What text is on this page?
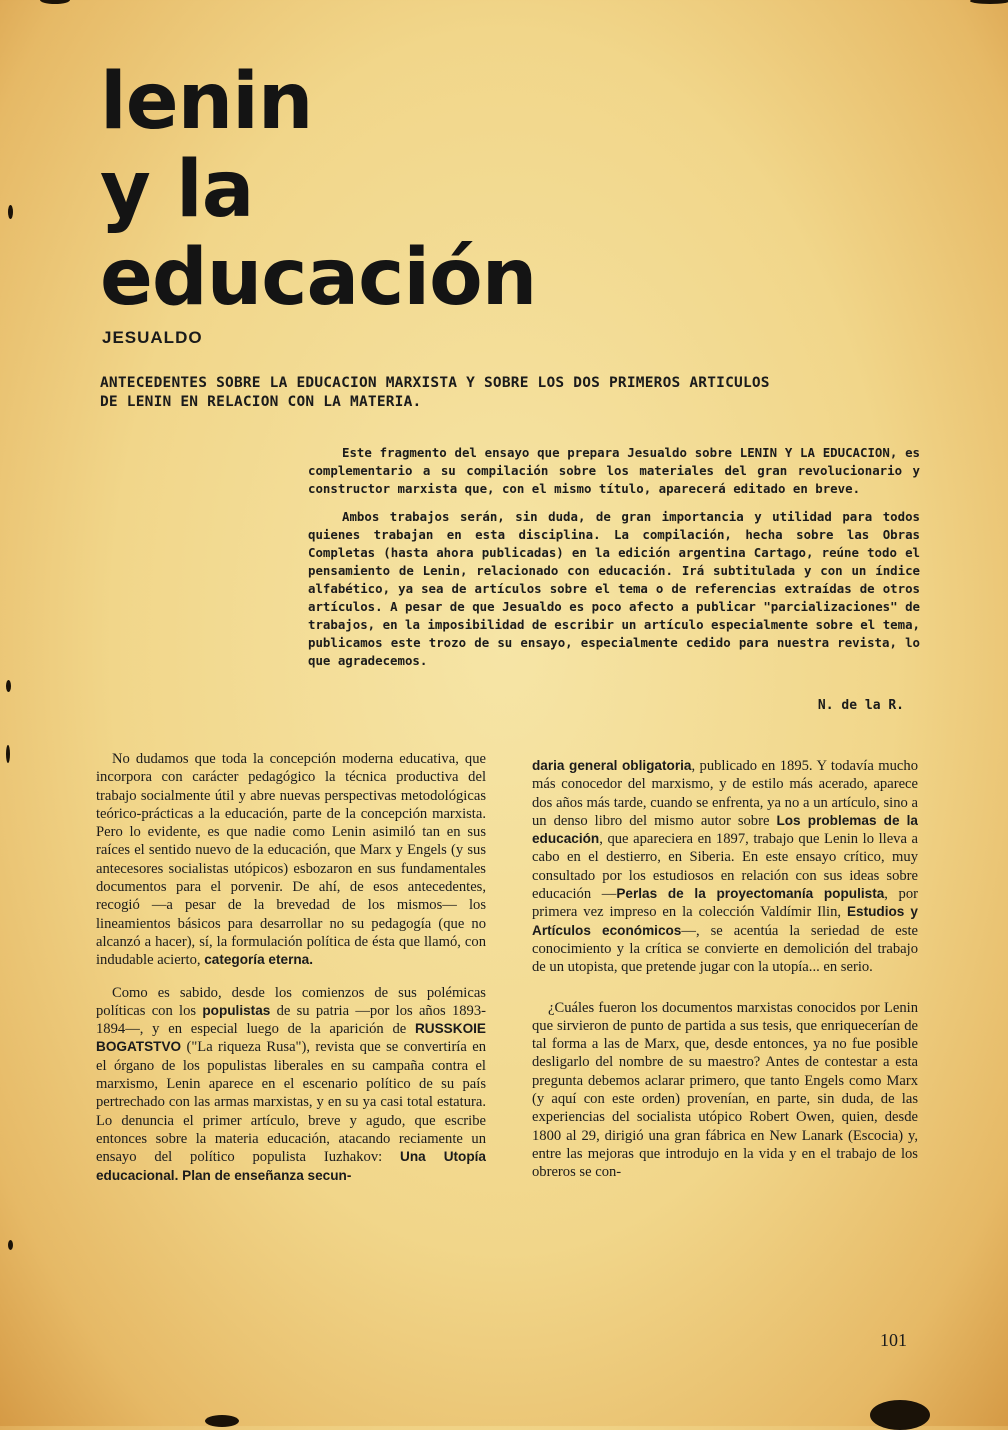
lenin
y la
educación
JESUALDO
ANTECEDENTES SOBRE LA EDUCACION MARXISTA Y SOBRE LOS DOS PRIMEROS ARTICULOS DE LENIN EN RELACION CON LA MATERIA.

Este fragmento del ensayo que prepara Jesualdo sobre LENIN Y LA EDUCACION, es complementario a su compilación sobre los materiales del gran revolucionario y constructor marxista que, con el mismo título, aparecerá editado en breve.

Ambos trabajos serán, sin duda, de gran importancia y utilidad para todos quienes trabajan en esta disciplina. La compilación, hecha sobre las Obras Completas (hasta ahora publicadas) en la edición argentina Cartago, reúne todo el pensamiento de Lenin, relacionado con educación. Irá subtitulada y con un índice alfabético, ya sea de artículos sobre el tema o de referencias extraídas de otros artículos. A pesar de que Jesualdo es poco afecto a publicar "parcializaciones" de trabajos, en la imposibilidad de escribir un artículo especialmente sobre el tema, publicamos este trozo de su ensayo, especialmente cedido para nuestra revista, lo que agradecemos.

N. de la R.

No dudamos que toda la concepción moderna educativa, que incorpora con carácter pedagógico la técnica productiva del trabajo socialmente útil y abre nuevas perspectivas metodológicas teórico-prácticas a la educación, parte de la concepción marxista. Pero lo evidente, es que nadie como Lenin asimiló tan en sus raíces el sentido nuevo de la educación, que Marx y Engels (y sus antecesores socialistas utópicos) esbozaron en sus fundamentales documentos para el porvenir. De ahí, de esos antecedentes, recogió —a pesar de la brevedad de los mismos— los lineamientos básicos para desarrollar no su pedagogía (que no alcanzó a hacer), sí, la formulación política de ésta que llamó, con indudable acierto, categoría eterna.

Como es sabido, desde los comienzos de sus polémicas políticas con los populistas de su patria —por los años 1893-1894—, y en especial luego de la aparición de RUSSKOIE BOGATSTVO ("La riqueza Rusa"), revista que se convertiría en el órgano de los populistas liberales en su campaña contra el marxismo, Lenin aparece en el escenario político de su país pertrechado con las armas marxistas, y en su ya casi total estatura. Lo denuncia el primer artículo, breve y agudo, que escribe entonces sobre la materia educación, atacando reciamente un ensayo del político populista Iuzhakov: Una Utopía educacional. Plan de enseñanza secun-

daria general obligatoria, publicado en 1895. Y todavía mucho más conocedor del marxismo, y de estilo más acerado, aparece dos años más tarde, cuando se enfrenta, ya no a un artículo, sino a un denso libro del mismo autor sobre Los problemas de la educación, que apareciera en 1897, trabajo que Lenin lo lleva a cabo en el destierro, en Siberia. En este ensayo crítico, muy consultado por los estudiosos en relación con sus ideas sobre educación —Perlas de la proyectomanía populista, por primera vez impreso en la colección Valdímir Ilin, Estudios y Artículos económicos—, se acentúa la seriedad de este conocimiento y la crítica se convierte en demolición del trabajo de un utopista, que pretende jugar con la utopía... en serio.

¿Cuáles fueron los documentos marxistas conocidos por Lenin que sirvieron de punto de partida a sus tesis, que enriquecerían de tal forma a las de Marx, que, desde entonces, ya no fue posible desligarlo del nombre de su maestro? Antes de contestar a esta pregunta debemos aclarar primero, que tanto Engels como Marx (y aquí con este orden) provenían, en parte, sin duda, de las experiencias del socialista utópico Robert Owen, quien, desde 1800 al 29, dirigió una gran fábrica en New Lanark (Escocia) y, entre las mejoras que introdujo en la vida y en el trabajo de los obreros se con-

101
